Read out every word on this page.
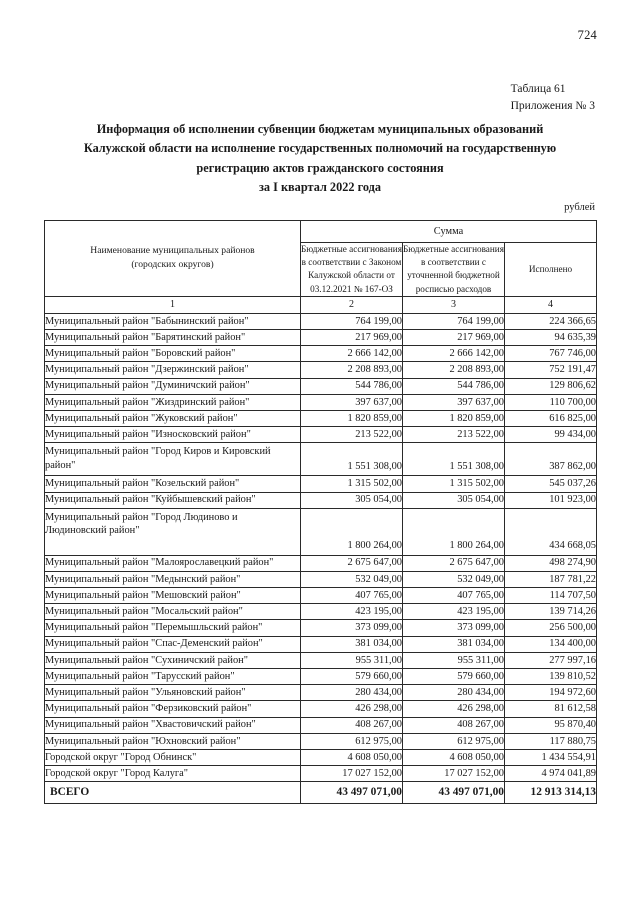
724
Таблица 61
Приложения № 3
Информация об исполнении субвенции бюджетам муниципальных образований
Калужской области на исполнение государственных полномочий на государственную
регистрацию актов гражданского состояния
за I квартал 2022 года
рублей
Наименование муниципальных районов
(городских округов)	Сумма		
	Бюджетные ассигнования в соответствии с Законом Калужской области от 03.12.2021 № 167-ОЗ	Бюджетные ассигнования в соответствии с уточненной бюджетной росписью расходов	Исполнено
1	2	3	4
Муниципальный район "Бабынинский район"	764 199,00	764 199,00	224 366,65
Муниципальный район "Барятинский район"	217 969,00	217 969,00	94 635,39
Муниципальный район "Боровский район"	2 666 142,00	2 666 142,00	767 746,00
Муниципальный район "Дзержинский район"	2 208 893,00	2 208 893,00	752 191,47
Муниципальный район "Думиничский район"	544 786,00	544 786,00	129 806,62
Муниципальный район "Жиздринский район"	397 637,00	397 637,00	110 700,00
Муниципальный район "Жуковский район"	1 820 859,00	1 820 859,00	616 825,00
Муниципальный район "Износковский район"	213 522,00	213 522,00	99 434,00
Муниципальный район "Город Киров и Кировский район"	1 551 308,00	1 551 308,00	387 862,00
Муниципальный район "Козельский район"	1 315 502,00	1 315 502,00	545 037,26
Муниципальный район "Куйбышевский район"	305 054,00	305 054,00	101 923,00
Муниципальный район "Город Людиново и Людиновский район"	1 800 264,00	1 800 264,00	434 668,05
Муниципальный район "Малоярославецкий район"	2 675 647,00	2 675 647,00	498 274,90
Муниципальный район "Медынский район"	532 049,00	532 049,00	187 781,22
Муниципальный район "Мешовский район"	407 765,00	407 765,00	114 707,50
Муниципальный район "Мосальский район"	423 195,00	423 195,00	139 714,26
Муниципальный район "Перемышльский район"	373 099,00	373 099,00	256 500,00
Муниципальный район "Спас-Деменский район"	381 034,00	381 034,00	134 400,00
Муниципальный район "Сухиничский район"	955 311,00	955 311,00	277 997,16
Муниципальный район "Тарусский район"	579 660,00	579 660,00	139 810,52
Муниципальный район "Ульяновский район"	280 434,00	280 434,00	194 972,60
Муниципальный район "Ферзиковский район"	426 298,00	426 298,00	81 612,58
Муниципальный район "Хвастовичский район"	408 267,00	408 267,00	95 870,40
Муниципальный район "Юхновский район"	612 975,00	612 975,00	117 880,75
Городской округ "Город Обнинск"	4 608 050,00	4 608 050,00	1 434 554,91
Городской округ "Город Калуга"	17 027 152,00	17 027 152,00	4 974 041,89
ВСЕГО	43 497 071,00	43 497 071,00	12 913 314,13
